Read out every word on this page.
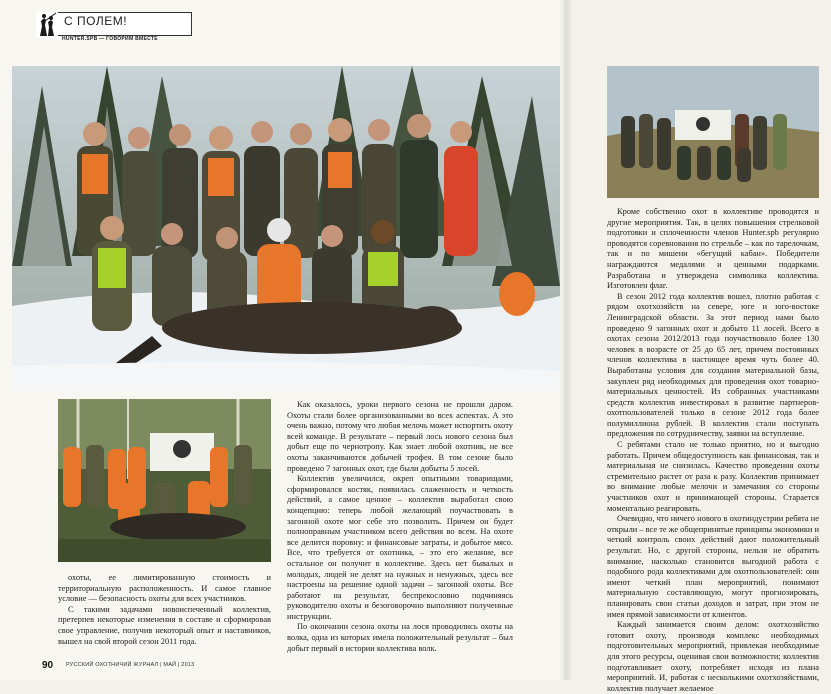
С ПОЛЕМ!
HUNTER.SPB — ГОВОРИМ ВМЕСТЕ

охоты, ее лимитированную стоимость и территориальную расположенность. И самое главное условие — безопасность охоты для всех участников.

С такими задачами новоиспеченный коллектив, претерпев некоторые изменения в составе и сформировав свое управление, получив некоторый опыт и наставников, вышел на свой второй сезон 2011 года.

Как оказалось, уроки первого сезона не прошли даром. Охоты стали более организованными во всех аспектах. А это очень важно, потому что любая мелочь может испортить охоту всей команде. В результате – первый лось нового сезона был добыт еще по чернотропу. Как знает любой охотник, не все охоты заканчиваются добычей трофея. В том сезоне было проведено 7 загонных охот, где были добыты 5 лосей.

Коллектив увеличился, окреп опытными товарищами, сформировался костяк, появилась слаженность и четкость действий, а самое ценное – коллектив выработал свою концепцию: теперь любой желающий поучаствовать в загонной охоте мог себе это позволить. Причем он будет полноправным участником всего действия во всем. На охоте все делится поровну: и финансовые затраты, и добытое мясо. Все, что требуется от охотника, – это его желание, все остальное он получит в коллективе. Здесь нет бывалых и молодых, людей не делят на нужных и ненужных, здесь все настроены на решение одной задачи – загонной охоты. Все работают на результат, беспрекословно подчиняясь руководителю охоты и безоговорочно выполняют полученные инструкции.

По окончании сезона охоты на лося проводились охоты на волка, одна из которых имела положительный результат – был добыт первый в истории коллектива волк.

Кроме собственно охот в коллективе проводятся и другие мероприятия. Так, в целях повышения стрелковой подготовки и сплоченности членов Hunter.spb регулярно проводятся соревнования по стрельбе – как по тарелочкам, так и по мишени «бегущий кабан». Победители награждаются медалями и ценными подарками. Разработана и утверждена символика коллектива. Изготовлен флаг.

В сезон 2012 года коллектив вошел, плотно работая с рядом охотхозяйств на севере, юге и юго-востоке Ленинградской области. За этот период нами было проведено 9 загонных охот и добыто 11 лосей. Всего в охотах сезона 2012/2013 года поучаствовало более 130 человек в возрасте от 25 до 65 лет, причем постоянных членов коллектива в настоящее время чуть более 40. Выработаны условия для создания материальной базы, закуплен ряд необходимых для проведения охот товарно-материальных ценностей. Из собранных участниками средств коллектив инвестировал в развитие партнеров-охотпользователей только в сезоне 2012 года более полумиллиона рублей. В коллектив стали поступать предложения по сотрудничеству, заявки на вступление.

С ребятами стало не только приятно, но и выгодно работать. Причем общедоступность как финансовая, так и материальная не снизилась. Качество проведения охоты стремительно растет от раза к разу. Коллектив принимает во внимание любые мелочи и замечания со стороны участников охот и принимающей стороны. Старается моментально реагировать.

Очевидно, что ничего нового в охотиндустрии ребята не открыли – все те же общепринятые принципы экономики и четкий контроль своих действий дают положительный результат. Но, с другой стороны, нельзя не обратить внимание, насколько становится выгодной работа с подобного рода коллективами для охотпользователей: они имеют четкий план мероприятий, понимают материальную составляющую, могут прогнозировать, планировать свои статьи доходов и затрат, при этом не имея прямой зависимости от клиентов.

Каждый занимается своим делом: охотхозяйство готовит охоту, производя комплекс необходимых подготовительных мероприятий, привлекая необходимые для этого ресурсы, оценивая свои возможности; коллектив подготавливает охоту, потребляет исходя из плана мероприятий. И, работая с несколькими охотхозяйствами, коллектив получает желаемое

90 РУССКИЙ ОХОТНИЧИЙ ЖУРНАЛ | МАЙ | 2013
